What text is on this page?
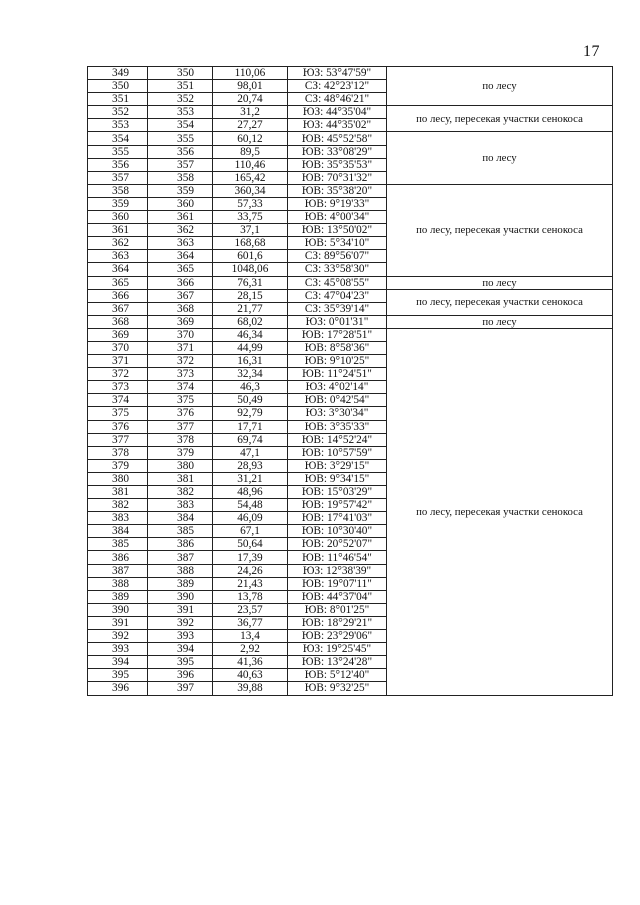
17
349	350	110,06	ЮЗ: 53°47'59"	по лесу
350	351	98,01	СЗ: 42°23'12"	
351	352	20,74	СЗ: 48°46'21"	
352	353	31,2	ЮЗ: 44°35'04"	по лесу, пересекая участки сенокоса
353	354	27,27	ЮЗ: 44°35'02"	
354	355	60,12	ЮВ: 45°52'58"	по лесу
355	356	89,5	ЮВ: 33°08'29"	
356	357	110,46	ЮВ: 35°35'53"	
357	358	165,42	ЮВ: 70°31'32"	
358	359	360,34	ЮВ: 35°38'20"	по лесу, пересекая участки сенокоса
359	360	57,33	ЮВ: 9°19'33"	
360	361	33,75	ЮВ: 4°00'34"	
361	362	37,1	ЮВ: 13°50'02"	
362	363	168,68	ЮВ: 5°34'10"	
363	364	601,6	СЗ: 89°56'07"	
364	365	1048,06	СЗ: 33°58'30"	
365	366	76,31	СЗ: 45°08'55"	по лесу
366	367	28,15	СЗ: 47°04'23"	по лесу, пересекая участки сенокоса
367	368	21,77	СЗ: 35°39'14"	
368	369	68,02	ЮЗ: 0°01'31"	по лесу
369	370	46,34	ЮВ: 17°28'51"	по лесу, пересекая участки сенокоса
370	371	44,99	ЮВ: 8°58'36"	
371	372	16,31	ЮВ: 9°10'25"	
372	373	32,34	ЮВ: 11°24'51"	
373	374	46,3	ЮЗ: 4°02'14"	
374	375	50,49	ЮВ: 0°42'54"	
375	376	92,79	ЮЗ: 3°30'34"	
376	377	17,71	ЮВ: 3°35'33"	
377	378	69,74	ЮВ: 14°52'24"	
378	379	47,1	ЮВ: 10°57'59"	
379	380	28,93	ЮВ: 3°29'15"	
380	381	31,21	ЮВ: 9°34'15"	
381	382	48,96	ЮВ: 15°03'29"	
382	383	54,48	ЮВ: 19°57'42"	
383	384	46,09	ЮВ: 17°41'03"	
384	385	67,1	ЮВ: 10°30'40"	
385	386	50,64	ЮВ: 20°52'07"	
386	387	17,39	ЮВ: 11°46'54"	
387	388	24,26	ЮЗ: 12°38'39"	
388	389	21,43	ЮВ: 19°07'11"	
389	390	13,78	ЮВ: 44°37'04"	
390	391	23,57	ЮВ: 8°01'25"	
391	392	36,77	ЮВ: 18°29'21"	
392	393	13,4	ЮВ: 23°29'06"	
393	394	2,92	ЮЗ: 19°25'45"	
394	395	41,36	ЮВ: 13°24'28"	
395	396	40,63	ЮВ: 5°12'40"	
396	397	39,88	ЮВ: 9°32'25"	
